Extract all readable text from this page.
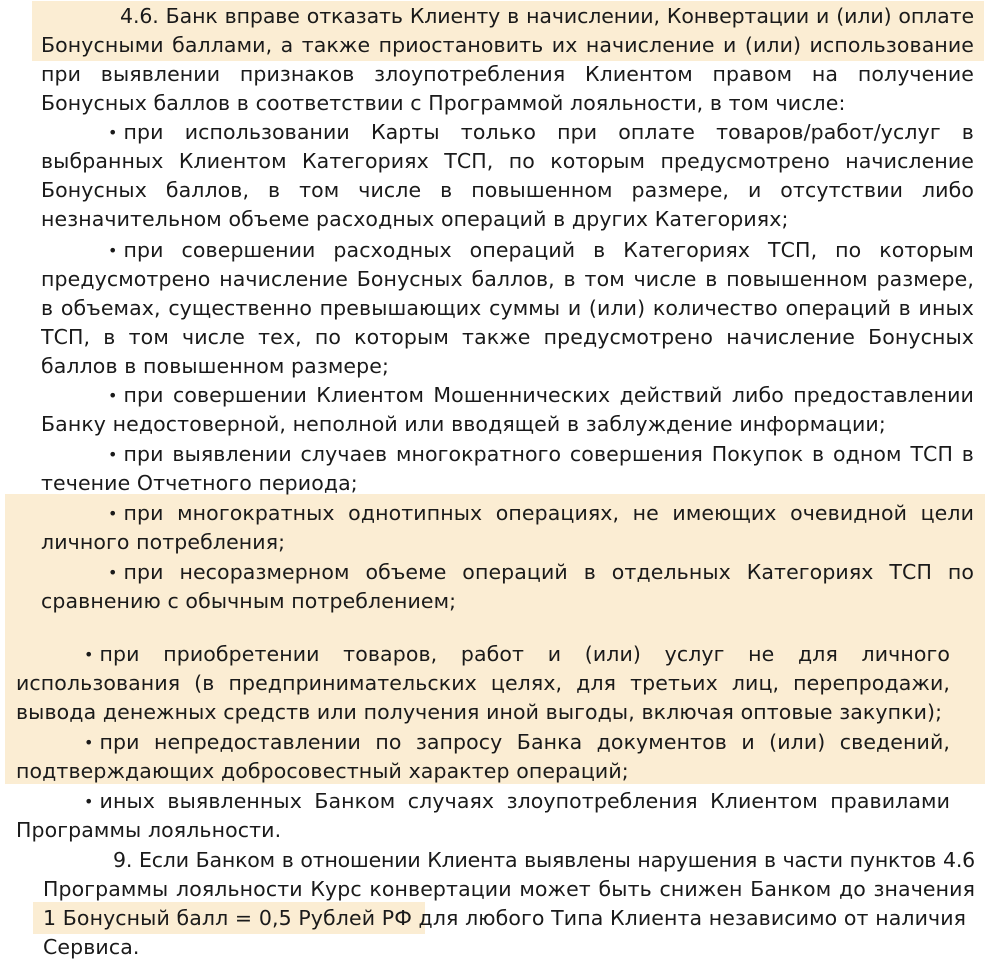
4.6. Банк вправе отказать Клиенту в начислении, Конвертации и (или) оплате
Бонусными баллами, а также приостановить их начисление и (или) использование
при выявлении признаков злоупотребления Клиентом правом на получение
Бонусных баллов в соответствии с Программой лояльности, в том числе:
• при использовании Карты только при оплате товаров/работ/услуг в
выбранных Клиентом Категориях ТСП, по которым предусмотрено начисление
Бонусных баллов, в том числе в повышенном размере, и отсутствии либо
незначительном объеме расходных операций в других Категориях;
• при совершении расходных операций в Категориях ТСП, по которым
предусмотрено начисление Бонусных баллов, в том числе в повышенном размере,
в объемах, существенно превышающих суммы и (или) количество операций в иных
ТСП, в том числе тех, по которым также предусмотрено начисление Бонусных
баллов в повышенном размере;
• при совершении Клиентом Мошеннических действий либо предоставлении
Банку недостоверной, неполной или вводящей в заблуждение информации;
• при выявлении случаев многократного совершения Покупок в одном ТСП в
течение Отчетного периода;
• при многократных однотипных операциях, не имеющих очевидной цели
личного потребления;
• при несоразмерном объеме операций в отдельных Категориях ТСП по
сравнению с обычным потреблением;
• при приобретении товаров, работ и (или) услуг не для личного
использования (в предпринимательских целях, для третьих лиц, перепродажи,
вывода денежных средств или получения иной выгоды, включая оптовые закупки);
• при непредоставлении по запросу Банка документов и (или) сведений,
подтверждающих добросовестный характер операций;
• иных выявленных Банком случаях злоупотребления Клиентом правилами
Программы лояльности.
9. Если Банком в отношении Клиента выявлены нарушения в части пунктов 4.6
Программы лояльности Курс конвертации может быть снижен Банком до значения
1 Бонусный балл = 0,5 Рублей РФ для любого Типа Клиента независимо от наличия
Сервиса.
